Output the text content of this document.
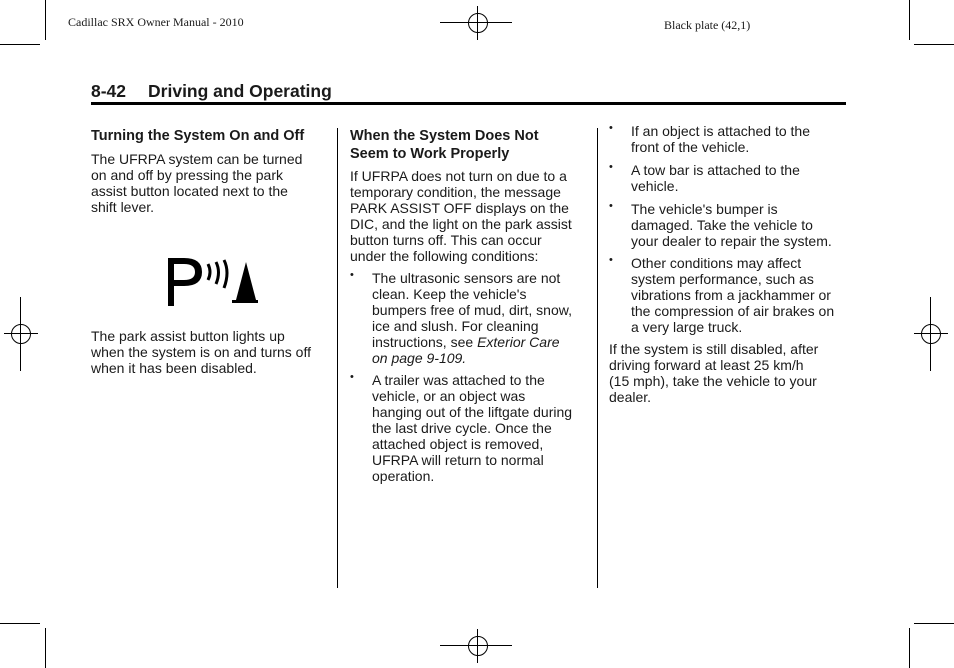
Cadillac SRX Owner Manual - 2010	Black plate (42,1)
8-42 Driving and Operating
Turning the System On and Off

The UFRPA system can be turned
on and off by pressing the park
assist button located next to the
shift lever.

The park assist button lights up
when the system is on and turns off
when it has been disabled.

When the System Does Not
Seem to Work Properly

If UFRPA does not turn on due to a
temporary condition, the message
PARK ASSIST OFF displays on the
DIC, and the light on the park assist
button turns off. This can occur
under the following conditions:

• The ultrasonic sensors are not
clean. Keep the vehicle's
bumpers free of mud, dirt, snow,
ice and slush. For cleaning
instructions, see Exterior Care
on page 9-109.

• A trailer was attached to the
vehicle, or an object was
hanging out of the liftgate during
the last drive cycle. Once the
attached object is removed,
UFRPA will return to normal
operation.

• If an object is attached to the
front of the vehicle.

• A tow bar is attached to the
vehicle.

• The vehicle's bumper is
damaged. Take the vehicle to
your dealer to repair the system.

• Other conditions may affect
system performance, such as
vibrations from a jackhammer or
the compression of air brakes on
a very large truck.

If the system is still disabled, after
driving forward at least 25 km/h
(15 mph), take the vehicle to your
dealer.
